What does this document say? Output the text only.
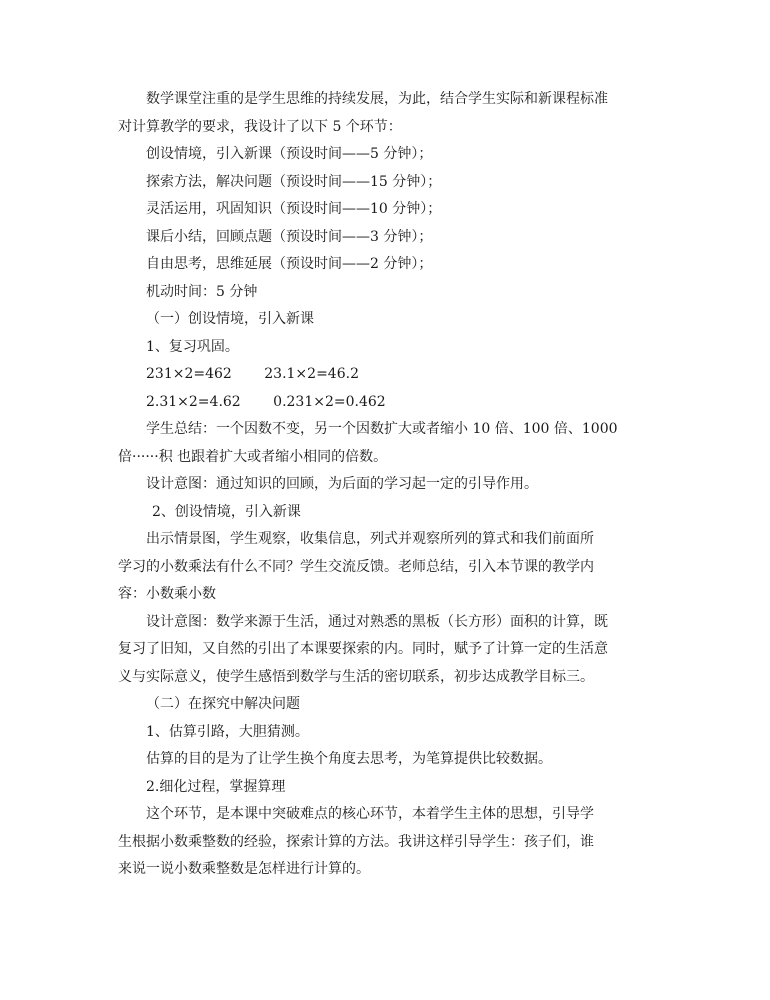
数学课堂注重的是学生思维的持续发展，为此，结合学生实际和新课程标准
对计算教学的要求，我设计了以下 5 个环节：
创设情境，引入新课（预设时间——5 分钟）；
探索方法，解决问题（预设时间——15 分钟）；
灵活运用，巩固知识（预设时间——10 分钟）；
课后小结，回顾点题（预设时间——3 分钟）；
自由思考，思维延展（预设时间——2 分钟）；
机动时间：5 分钟
（一）创设情境，引入新课
1、复习巩固。
231×2=462　　 23.1×2=46.2
2.31×2=4.62　　 0.231×2=0.462
学生总结：一个因数不变，另一个因数扩大或者缩小 10 倍、100 倍、1000
倍······积 也跟着扩大或者缩小相同的倍数。
设计意图：通过知识的回顾，为后面的学习起一定的引导作用。
2、创设情境，引入新课
出示情景图，学生观察，收集信息，列式并观察所列的算式和我们前面所
学习的小数乘法有什么不同？学生交流反馈。老师总结，引入本节课的教学内
容：小数乘小数
设计意图：数学来源于生活，通过对熟悉的黑板（长方形）面积的计算，既
复习了旧知，又自然的引出了本课要探索的内。同时，赋予了计算一定的生活意
义与实际意义，使学生感悟到数学与生活的密切联系，初步达成教学目标三。
（二）在探究中解决问题
1、估算引路，大胆猜测。
估算的目的是为了让学生换个角度去思考，为笔算提供比较数据。
2.细化过程，掌握算理
这个环节，是本课中突破难点的核心环节，本着学生主体的思想，引导学
生根据小数乘整数的经验，探索计算的方法。我讲这样引导学生：孩子们，谁
来说一说小数乘整数是怎样进行计算的。
